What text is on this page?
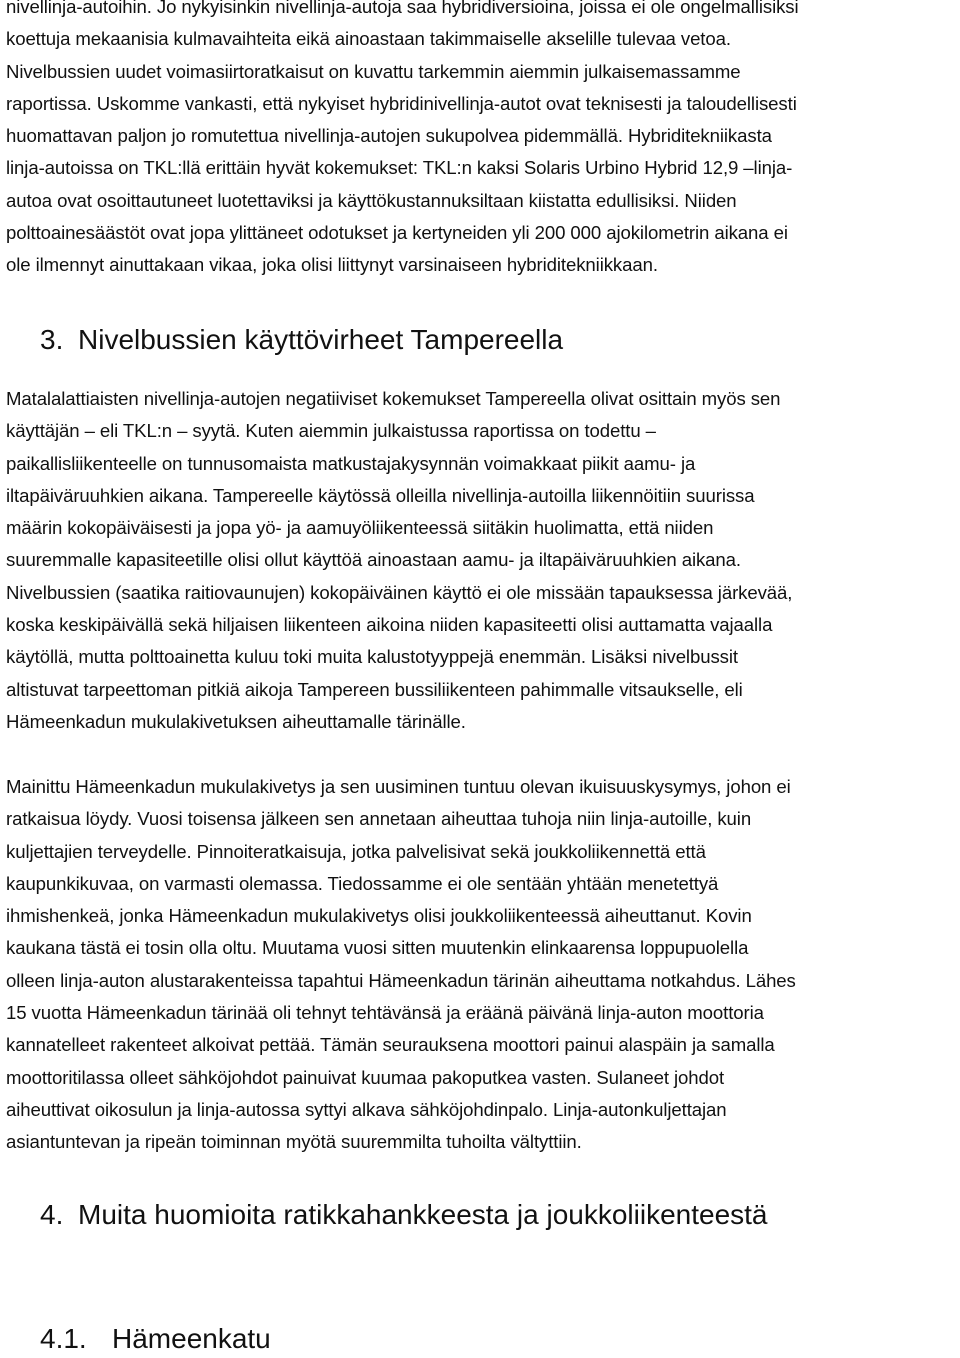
nivellinja-autoihin. Jo nykyisinkin nivellinja-autoja saa hybridiversioina, joissa ei ole ongelmallisiksi
koettuja mekaanisia kulmavaihteita eikä ainoastaan takimmaiselle akselille tulevaa vetoa.
Nivelbussien uudet voimasiirtoratkaisut on kuvattu tarkemmin aiemmin julkaisemassamme
raportissa. Uskomme vankasti, että nykyiset hybridinivellinja-autot ovat teknisesti ja taloudellisesti
huomattavan paljon jo romutettua nivellinja-autojen sukupolvea pidemmällä. Hybriditekniikasta
linja-autoissa on TKL:llä erittäin hyvät kokemukset: TKL:n kaksi Solaris Urbino Hybrid 12,9 –linja-
autoa ovat osoittautuneet luotettaviksi ja käyttökustannuksiltaan kiistatta edullisiksi. Niiden
polttoainesäästöt ovat jopa ylittäneet odotukset ja kertyneiden yli 200 000 ajokilometrin aikana ei
ole ilmennyt ainuttakaan vikaa, joka olisi liittynyt varsinaiseen hybriditekniikkaan.
3. Nivelbussien käyttövirheet Tampereella
Matalalattiaisten nivellinja-autojen negatiiviset kokemukset Tampereella olivat osittain myös sen
käyttäjän – eli TKL:n – syytä. Kuten aiemmin julkaistussa raportissa on todettu –
paikallisliikenteelle on tunnusomaista matkustajakysynnän voimakkaat piikit aamu- ja
iltapäiväruuhkien aikana. Tampereelle käytössä olleilla nivellinja-autoilla liikennöitiin suurissa
määrin kokopäiväisesti ja jopa yö- ja aamuyöliikenteessä siitäkin huolimatta, että niiden
suuremmalle kapasiteetille olisi ollut käyttöä ainoastaan aamu- ja iltapäiväruuhkien aikana.
Nivelbussien (saatika raitiovaunujen) kokopäiväinen käyttö ei ole missään tapauksessa järkevää,
koska keskipäivällä sekä hiljaisen liikenteen aikoina niiden kapasiteetti olisi auttamatta vajaalla
käytöllä, mutta polttoainetta kuluu toki muita kalustotyyppejä enemmän. Lisäksi nivelbussit
altistuvat tarpeettoman pitkiä aikoja Tampereen bussiliikenteen pahimmalle vitsaukselle, eli
Hämeenkadun mukulakivetuksen aiheuttamalle tärinälle.
Mainittu Hämeenkadun mukulakivetys ja sen uusiminen tuntuu olevan ikuisuuskysymys, johon ei
ratkaisua löydy. Vuosi toisensa jälkeen sen annetaan aiheuttaa tuhoja niin linja-autoille, kuin
kuljettajien terveydelle. Pinnoiteratkaisuja, jotka palvelisivat sekä joukkoliikennettä että
kaupunkikuvaa, on varmasti olemassa. Tiedossamme ei ole sentään yhtään menetettyä
ihmishenkeä, jonka Hämeenkadun mukulakivetys olisi joukkoliikenteessä aiheuttanut. Kovin
kaukana tästä ei tosin olla oltu. Muutama vuosi sitten muutenkin elinkaarensa loppupuolella
olleen linja-auton alustarakenteissa tapahtui Hämeenkadun tärinän aiheuttama notkahdus. Lähes
15 vuotta Hämeenkadun tärinää oli tehnyt tehtävänsä ja eräänä päivänä linja-auton moottoria
kannatelleet rakenteet alkoivat pettää. Tämän seurauksena moottori painui alaspäin ja samalla
moottoritilassa olleet sähköjohdot painuivat kuumaa pakoputkea vasten. Sulaneet johdot
aiheuttivat oikosulun ja linja-autossa syttyi alkava sähköjohdinpalo. Linja-autonkuljettajan
asiantuntevan ja ripeän toiminnan myötä suuremmilta tuhoilta vältyttiin.
4. Muita huomioita ratikkahankkeesta ja joukkoliikenteestä
4.1. Hämeenkatu
